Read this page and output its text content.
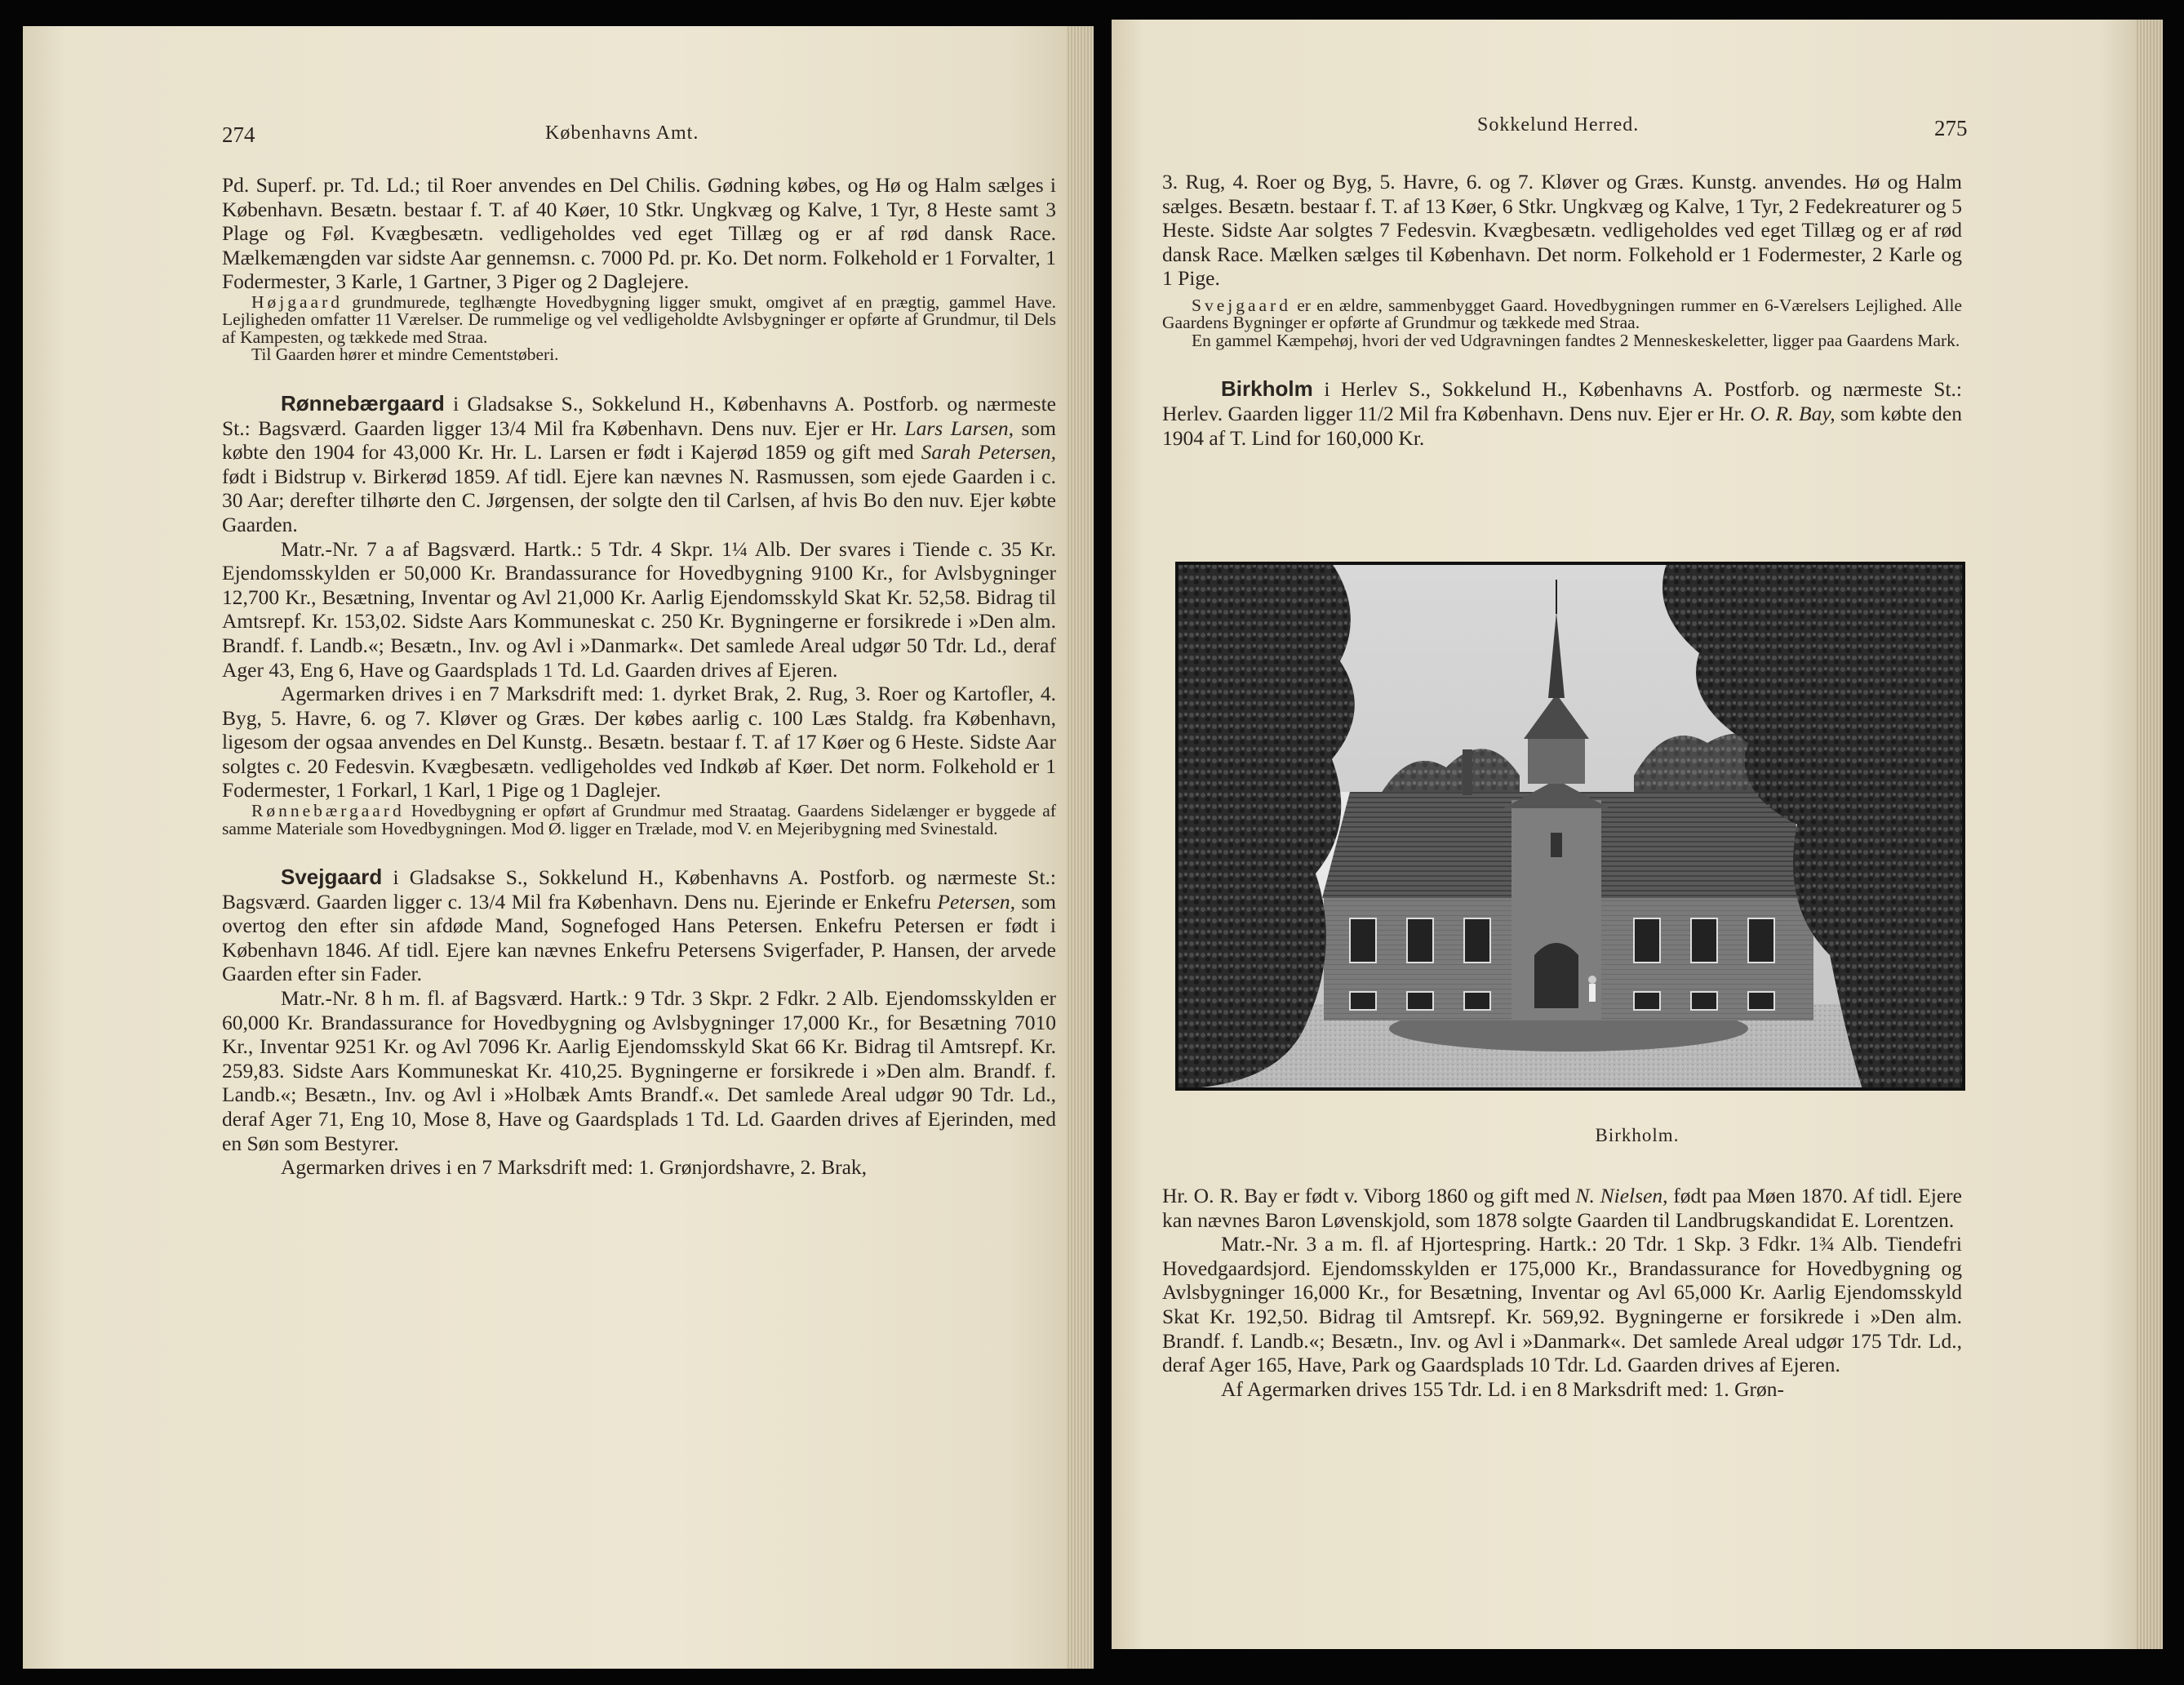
274	Københavns Amt.

Pd. Superf. pr. Td. Ld.; til Roer anvendes en Del Chilis. Gødning købes, og Hø og Halm sælges i København. Besætn. bestaar f. T. af 40 Køer, 10 Stkr. Ungkvæg og Kalve, 1 Tyr, 8 Heste samt 3 Plage og Føl. Kvægbesætn. vedligeholdes ved eget Tillæg og er af rød dansk Race. Mælkemængden var sidste Aar gennemsn. c. 7000 Pd. pr. Ko. Det norm. Folkehold er 1 Forvalter, 1 Fodermester, 3 Karle, 1 Gartner, 3 Piger og 2 Daglejere.

Højgaard grundmurede, teglhængte Hovedbygning ligger smukt, omgivet af en prægtig, gammel Have. Lejligheden omfatter 11 Værelser. De rummelige og vel vedligeholdte Avlsbygninger er opførte af Grundmur, til Dels af Kampesten, og tækkede med Straa.

Til Gaarden hører et mindre Cementstøberi.

Rønnebærgaard i Gladsakse S., Sokkelund H., Københavns A. Postforb. og nærmeste St.: Bagsværd. Gaarden ligger 13/4 Mil fra København. Dens nuv. Ejer er Hr. Lars Larsen, som købte den 1904 for 43,000 Kr. Hr. L. Larsen er født i Kajerød 1859 og gift med Sarah Petersen, født i Bidstrup v. Birkerød 1859. Af tidl. Ejere kan nævnes N. Rasmussen, som ejede Gaarden i c. 30 Aar; derefter tilhørte den C. Jørgensen, der solgte den til Carlsen, af hvis Bo den nuv. Ejer købte Gaarden.

Matr.-Nr. 7 a af Bagsværd. Hartk.: 5 Tdr. 4 Skpr. 1¼ Alb. Der svares i Tiende c. 35 Kr. Ejendomsskylden er 50,000 Kr. Brandassurance for Hovedbygning 9100 Kr., for Avlsbygninger 12,700 Kr., Besætning, Inventar og Avl 21,000 Kr. Aarlig Ejendomsskyld Skat Kr. 52,58. Bidrag til Amtsrepf. Kr. 153,02. Sidste Aars Kommuneskat c. 250 Kr. Bygningerne er forsikrede i »Den alm. Brandf. f. Landb.«; Besætn., Inv. og Avl i »Danmark«. Det samlede Areal udgør 50 Tdr. Ld., deraf Ager 43, Eng 6, Have og Gaardsplads 1 Td. Ld. Gaarden drives af Ejeren.

Agermarken drives i en 7 Marksdrift med: 1. dyrket Brak, 2. Rug, 3. Roer og Kartofler, 4. Byg, 5. Havre, 6. og 7. Kløver og Græs. Der købes aarlig c. 100 Læs Staldg. fra København, ligesom der ogsaa anvendes en Del Kunstg.. Besætn. bestaar f. T. af 17 Køer og 6 Heste. Sidste Aar solgtes c. 20 Fedesvin. Kvægbesætn. vedligeholdes ved Indkøb af Køer. Det norm. Folkehold er 1 Fodermester, 1 Forkarl, 1 Karl, 1 Pige og 1 Daglejer.

Rønnebærgaard Hovedbygning er opført af Grundmur med Straatag. Gaardens Sidelænger er byggede af samme Materiale som Hovedbygningen. Mod Ø. ligger en Trælade, mod V. en Mejeribygning med Svinestald.

Svejgaard i Gladsakse S., Sokkelund H., Københavns A. Postforb. og nærmeste St.: Bagsværd. Gaarden ligger c. 13/4 Mil fra København. Dens nu. Ejerinde er Enkefru Petersen, som overtog den efter sin afdøde Mand, Sognefoged Hans Petersen. Enkefru Petersen er født i København 1846. Af tidl. Ejere kan nævnes Enkefru Petersens Svigerfader, P. Hansen, der arvede Gaarden efter sin Fader.

Matr.-Nr. 8 h m. fl. af Bagsværd. Hartk.: 9 Tdr. 3 Skpr. 2 Fdkr. 2 Alb. Ejendomsskylden er 60,000 Kr. Brandassurance for Hovedbygning og Avlsbygninger 17,000 Kr., for Besætning 7010 Kr., Inventar 9251 Kr. og Avl 7096 Kr. Aarlig Ejendomsskyld Skat 66 Kr. Bidrag til Amtsrepf. Kr. 259,83. Sidste Aars Kommuneskat Kr. 410,25. Bygningerne er forsikrede i »Den alm. Brandf. f. Landb.«; Besætn., Inv. og Avl i »Holbæk Amts Brandf.«. Det samlede Areal udgør 90 Tdr. Ld., deraf Ager 71, Eng 10, Mose 8, Have og Gaardsplads 1 Td. Ld. Gaarden drives af Ejerinden, med en Søn som Bestyrer.

Agermarken drives i en 7 Marksdrift med: 1. Grønjordshavre, 2. Brak,

Sokkelund Herred.	275

3. Rug, 4. Roer og Byg, 5. Havre, 6. og 7. Kløver og Græs. Kunstg. anvendes. Hø og Halm sælges. Besætn. bestaar f. T. af 13 Køer, 6 Stkr. Ungkvæg og Kalve, 1 Tyr, 2 Fedekreaturer og 5 Heste. Sidste Aar solgtes 7 Fedesvin. Kvægbesætn. vedligeholdes ved eget Tillæg og er af rød dansk Race. Mælken sælges til København. Det norm. Folkehold er 1 Fodermester, 2 Karle og 1 Pige.

Svejgaard er en ældre, sammenbygget Gaard. Hovedbygningen rummer en 6-Værelsers Lejlighed. Alle Gaardens Bygninger er opførte af Grundmur og tækkede med Straa.

En gammel Kæmpehøj, hvori der ved Udgravningen fandtes 2 Menneskeskeletter, ligger paa Gaardens Mark.

Birkholm i Herlev S., Sokkelund H., Københavns A. Postforb. og nærmeste St.: Herlev. Gaarden ligger 11/2 Mil fra København. Dens nuv. Ejer er Hr. O. R. Bay, som købte den 1904 af T. Lind for 160,000 Kr.

Hr. O. R. Bay er født v. Viborg 1860 og gift med N. Nielsen, født paa Møen 1870. Af tidl. Ejere kan nævnes Baron Løvenskjold, som 1878 solgte Gaarden til Landbrugskandidat E. Lorentzen.

Matr.-Nr. 3 a m. fl. af Hjortespring. Hartk.: 20 Tdr. 1 Skp. 3 Fdkr. 1¾ Alb. Tiendefri Hovedgaardsjord. Ejendomsskylden er 175,000 Kr., Brandassurance for Hovedbygning og Avlsbygninger 16,000 Kr., for Besætning, Inventar og Avl 65,000 Kr. Aarlig Ejendomsskyld Skat Kr. 192,50. Bidrag til Amtsrepf. Kr. 569,92. Bygningerne er forsikrede i »Den alm. Brandf. f. Landb.«; Besætn., Inv. og Avl i »Danmark«. Det samlede Areal udgør 175 Tdr. Ld., deraf Ager 165, Have, Park og Gaardsplads 10 Tdr. Ld. Gaarden drives af Ejeren.

Af Agermarken drives 155 Tdr. Ld. i en 8 Marksdrift med: 1. Grøn-

Birkholm.
